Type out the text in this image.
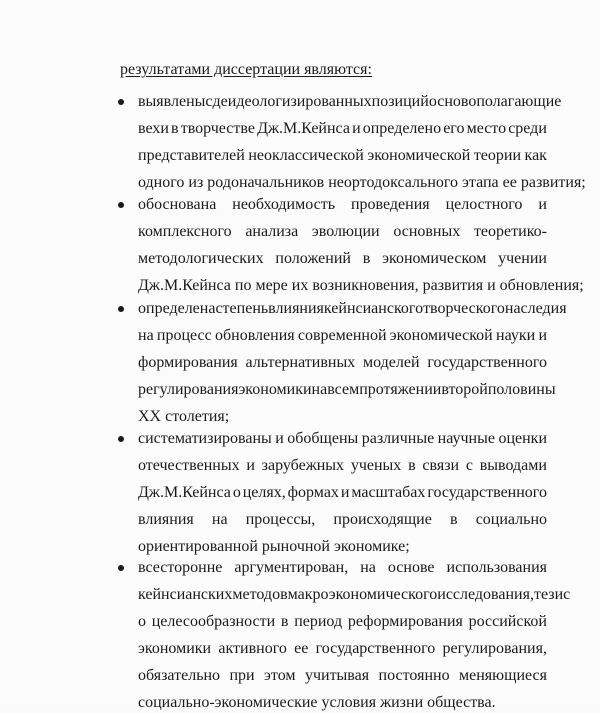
результатами диссертации являются:
выявлены с деидеологизированных позиций основополагающие
вехи в творчестве Дж.М.Кейнса и определено его место среди
представителей неоклассической экономической теории как
одного из родоначальников неортодоксального этапа ее развития;
обоснована необходимость проведения целостного и
комплексного анализа эволюции основных теоретико-
методологических положений в экономическом учении
Дж.М.Кейнса по мере их возникновения, развития и обновления;
определена степень влияния кейнсианского творческого наследия
на процесс обновления современной экономической науки и
формирования альтернативных моделей государственного
регулирования экономики на всем протяжении второй половины
XX столетия;
систематизированы и обобщены различные научные оценки
отечественных и зарубежных ученых в связи с выводами
Дж.М.Кейнса о целях, формах и масштабах государственного
влияния на процессы, происходящие в социально
ориентированной рыночной экономике;
всесторонне аргументирован, на основе использования
кейнсианских методов макроэкономического исследования, тезис
о целесообразности в период реформирования российской
экономики активного ее государственного регулирования,
обязательно при этом учитывая постоянно меняющиеся
социально-экономические условия жизни общества.
